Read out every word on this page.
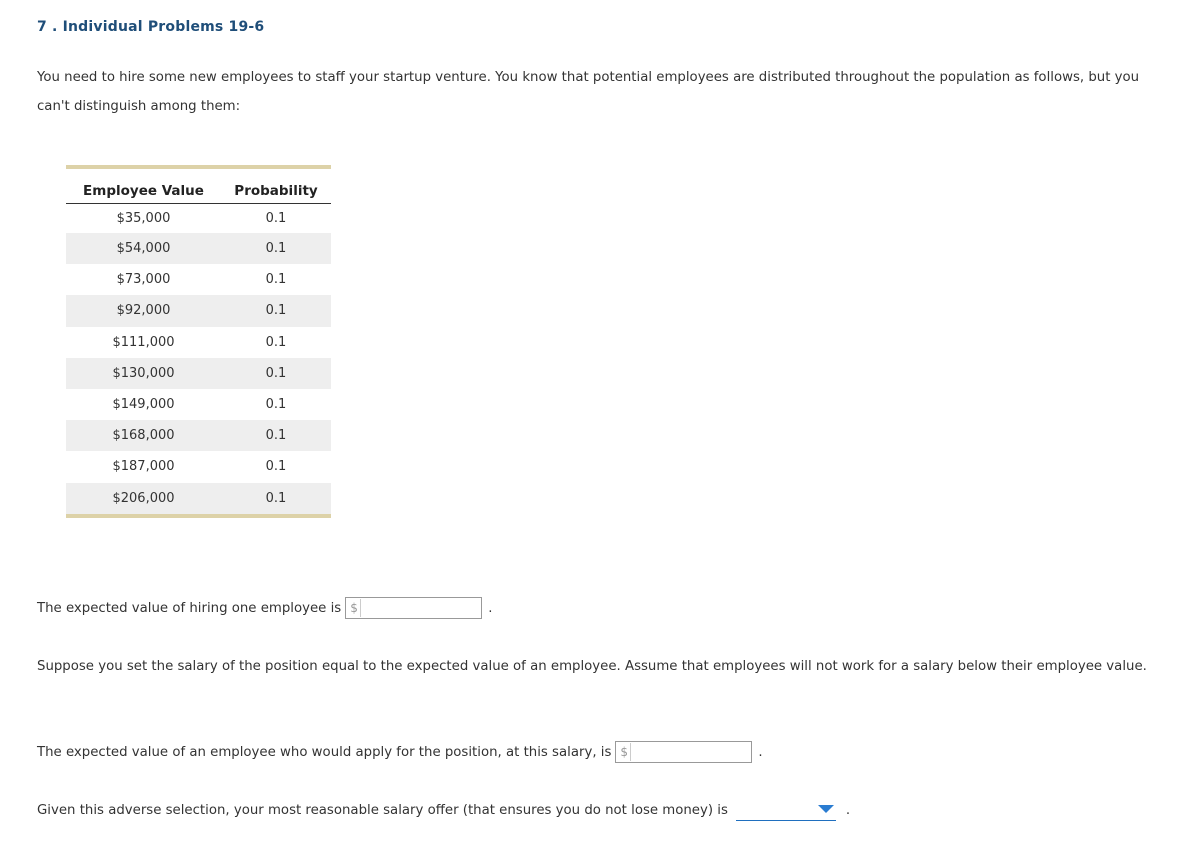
7 . Individual Problems 19-6
You need to hire some new employees to staff your startup venture. You know that potential employees are distributed throughout the population as follows, but you can't distinguish among them:
Employee Value	Probability
$35,000	0.1
$54,000	0.1
$73,000	0.1
$92,000	0.1
$111,000	0.1
$130,000	0.1
$149,000	0.1
$168,000	0.1
$187,000	0.1
$206,000	0.1
The expected value of hiring one employee is $	.
Suppose you set the salary of the position equal to the expected value of an employee. Assume that employees will not work for a salary below their employee value.
The expected value of an employee who would apply for the position, at this salary, is $	.
Given this adverse selection, your most reasonable salary offer (that ensures you do not lose money) is	.
